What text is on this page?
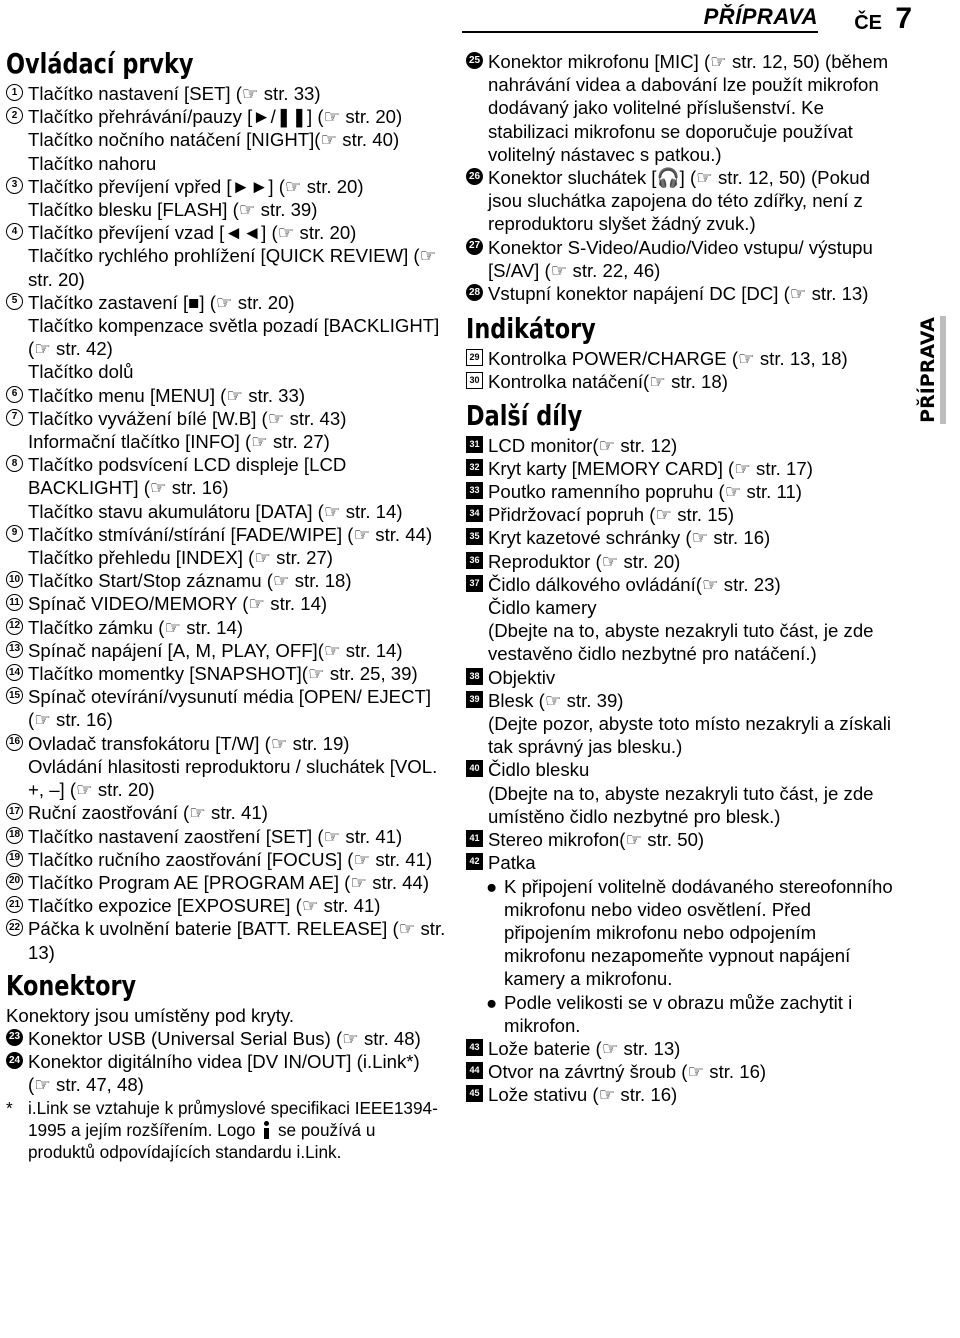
PŘÍPRAVA ČE 7
Ovládací prvky
1 Tlačítko nastavení [SET] (☞ str. 33)
2 Tlačítko přehrávání/pauzy [►/❚❚] (☞ str. 20)
Tlačítko nočního natáčení [NIGHT](☞ str. 40)
Tlačítko nahoru
3 Tlačítko převíjení vpřed [►►] (☞ str. 20)
Tlačítko blesku [FLASH] (☞ str. 39)
4 Tlačítko převíjení vzad [◄◄] (☞ str. 20)
Tlačítko rychlého prohlížení [QUICK REVIEW] (☞ str. 20)
5 Tlačítko zastavení [■] (☞ str. 20)
Tlačítko kompenzace světla pozadí [BACKLIGHT] (☞ str. 42)
Tlačítko dolů
6 Tlačítko menu [MENU] (☞ str. 33)
7 Tlačítko vyvážení bílé [W.B] (☞ str. 43)
Informační tlačítko [INFO] (☞ str. 27)
8 Tlačítko podsvícení LCD displeje [LCD BACKLIGHT] (☞ str. 16)
Tlačítko stavu akumulátoru [DATA] (☞ str. 14)
9 Tlačítko stmívání/stírání [FADE/WIPE] (☞ str. 44)
Tlačítko přehledu [INDEX] (☞ str. 27)
10 Tlačítko Start/Stop záznamu (☞ str. 18)
11 Spínač VIDEO/MEMORY (☞ str. 14)
12 Tlačítko zámku (☞ str. 14)
13 Spínač napájení [A, M, PLAY, OFF](☞ str. 14)
14 Tlačítko momentky [SNAPSHOT](☞ str. 25, 39)
15 Spínač otevírání/vysunutí média [OPEN/ EJECT](☞ str. 16)
16 Ovladač transfokátoru [T/W] (☞ str. 19)
Ovládání hlasitosti reproduktoru / sluchátek [VOL. +, –] (☞ str. 20)
17 Ruční zaostřování (☞ str. 41)
18 Tlačítko nastavení zaostření [SET] (☞ str. 41)
19 Tlačítko ručního zaostřování [FOCUS] (☞ str. 41)
20 Tlačítko Program AE [PROGRAM AE] (☞ str. 44)
21 Tlačítko expozice [EXPOSURE] (☞ str. 41)
22 Páčka k uvolnění baterie [BATT. RELEASE] (☞ str. 13)
Konektory
Konektory jsou umístěny pod kryty.
23 Konektor USB (Universal Serial Bus) (☞ str. 48)
24 Konektor digitálního videa [DV IN/OUT] (i.Link*) (☞ str. 47, 48)
* i.Link se vztahuje k průmyslové specifikaci IEEE1394-1995 a jejím rozšířením. Logo se používá u produktů odpovídajících standardu i.Link.
25 Konektor mikrofonu [MIC] (☞ str. 12, 50) (během nahrávání videa a dabování lze použít mikrofon dodávaný jako volitelné příslušenství. Ke stabilizaci mikrofonu se doporučuje používat volitelný nástavec s patkou.)
26 Konektor sluchátek [🎧] (☞ str. 12, 50) (Pokud jsou sluchátka zapojena do této zdířky, není z reproduktoru slyšet žádný zvuk.)
27 Konektor S-Video/Audio/Video vstupu/ výstupu [S/AV] (☞ str. 22, 46)
28 Vstupní konektor napájení DC [DC] (☞ str. 13)
Indikátory
29 Kontrolka POWER/CHARGE (☞ str. 13, 18)
30 Kontrolka natáčení(☞ str. 18)
Další díly
31 LCD monitor(☞ str. 12)
32 Kryt karty [MEMORY CARD] (☞ str. 17)
33 Poutko ramenního popruhu (☞ str. 11)
34 Přidržovací popruh (☞ str. 15)
35 Kryt kazetové schránky (☞ str. 16)
36 Reproduktor (☞ str. 20)
37 Čidlo dálkového ovládání(☞ str. 23)
Čidlo kamery
(Dbejte na to, abyste nezakryli tuto část, je zde vestavěno čidlo nezbytné pro natáčení.)
38 Objektiv
39 Blesk (☞ str. 39)
(Dejte pozor, abyste toto místo nezakryli a získali tak správný jas blesku.)
40 Čidlo blesku
(Dbejte na to, abyste nezakryli tuto část, je zde umístěno čidlo nezbytné pro blesk.)
41 Stereo mikrofon(☞ str. 50)
42 Patka
● K připojení volitelně dodávaného stereofonního mikrofonu nebo video osvětlení. Před připojením mikrofonu nebo odpojením mikrofonu nezapomeňte vypnout napájení kamery a mikrofonu.
● Podle velikosti se v obrazu může zachytit i mikrofon.
43 Lože baterie (☞ str. 13)
44 Otvor na závrtný šroub (☞ str. 16)
45 Lože stativu (☞ str. 16)
PŘÍPRAVA
